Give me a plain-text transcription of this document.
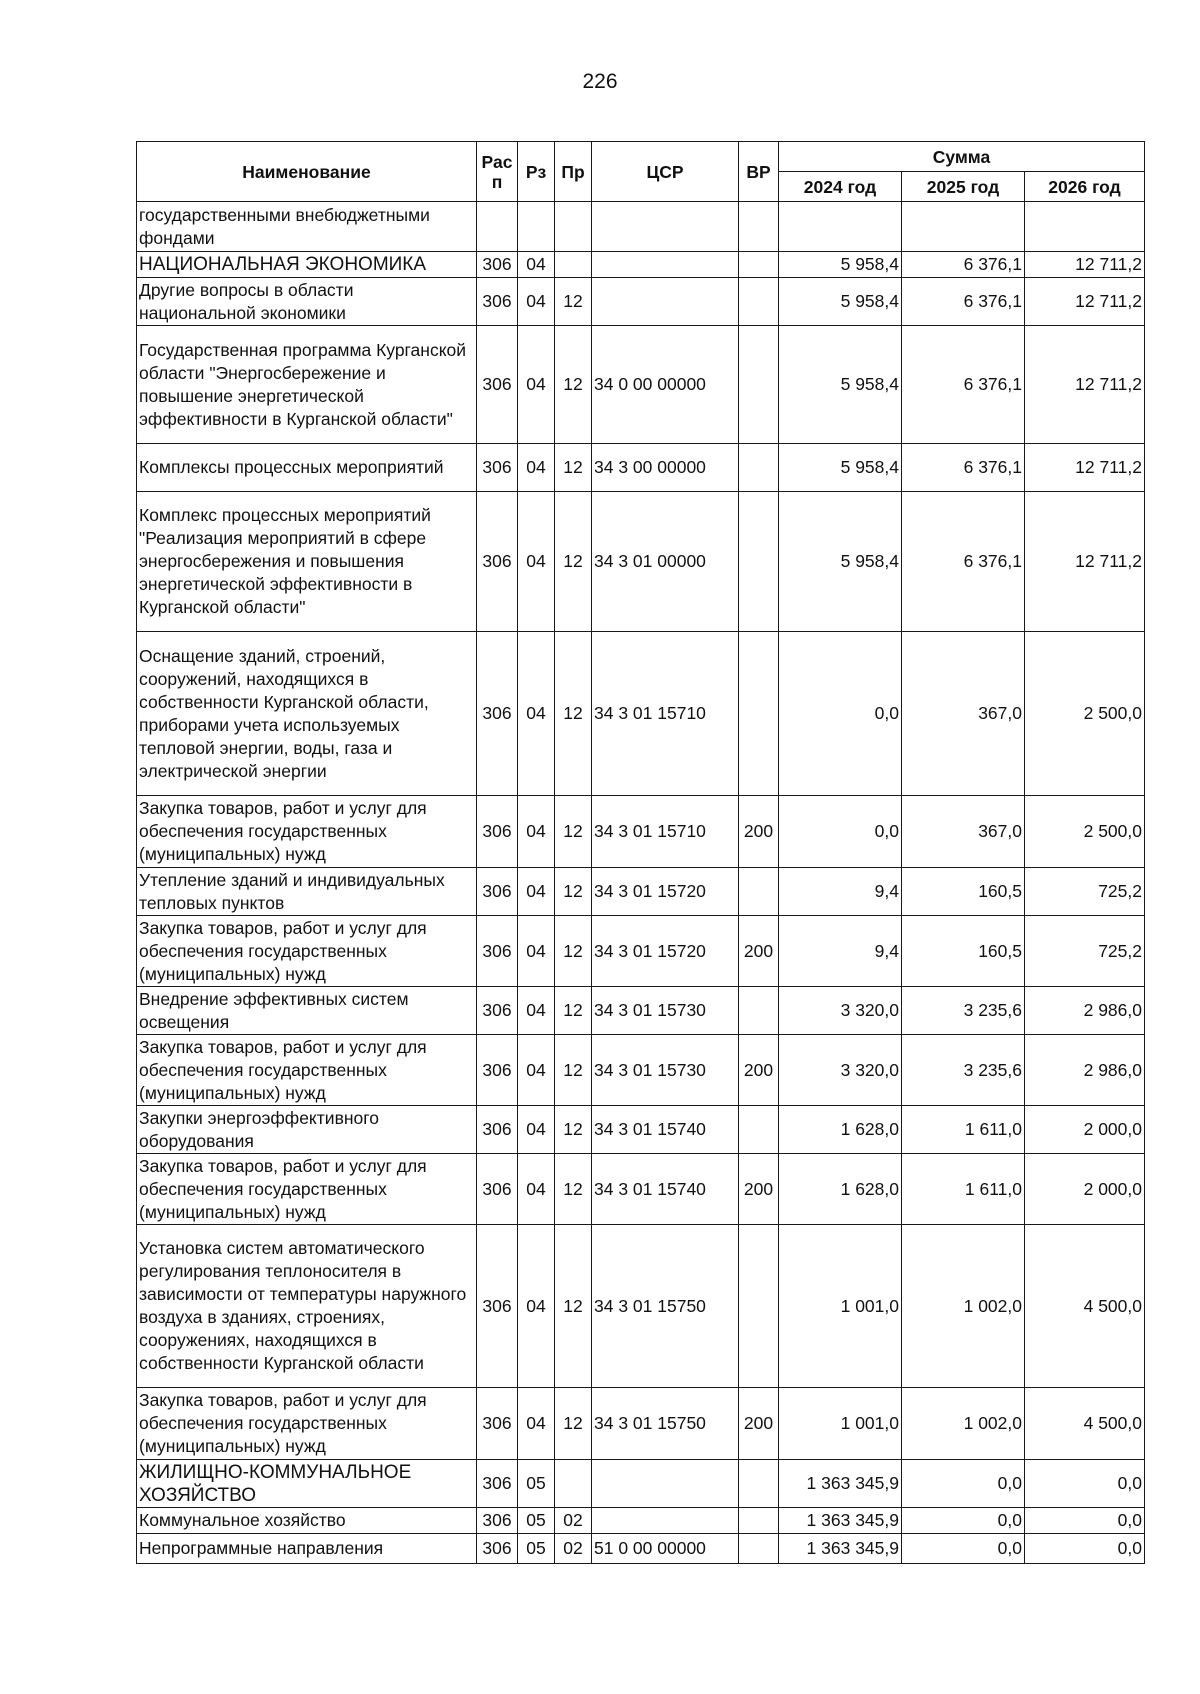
226
Наименование	Рас п	Рз	Пр	ЦСР	ВР	Сумма		
						2024 год	2025 год	2026 год
государственными внебюджетными фондами								
НАЦИОНАЛЬНАЯ ЭКОНОМИКА	306	04				5 958,4	6 376,1	12 711,2
Другие вопросы в области национальной экономики	306	04	12			5 958,4	6 376,1	12 711,2
Государственная программа Курганской области "Энергосбережение и повышение энергетической эффективности в Курганской области"	306	04	12	34 0 00 00000		5 958,4	6 376,1	12 711,2
Комплексы процессных мероприятий	306	04	12	34 3 00 00000		5 958,4	6 376,1	12 711,2
Комплекс процессных мероприятий "Реализация мероприятий в сфере энергосбережения и повышения энергетической эффективности в Курганской области"	306	04	12	34 3 01 00000		5 958,4	6 376,1	12 711,2
Оснащение зданий, строений, сооружений, находящихся в собственности Курганской области, приборами учета используемых тепловой энергии, воды, газа и электрической энергии	306	04	12	34 3 01 15710		0,0	367,0	2 500,0
Закупка товаров, работ и услуг для обеспечения государственных (муниципальных) нужд	306	04	12	34 3 01 15710	200	0,0	367,0	2 500,0
Утепление зданий и индивидуальных тепловых пунктов	306	04	12	34 3 01 15720		9,4	160,5	725,2
Закупка товаров, работ и услуг для обеспечения государственных (муниципальных) нужд	306	04	12	34 3 01 15720	200	9,4	160,5	725,2
Внедрение эффективных систем освещения	306	04	12	34 3 01 15730		3 320,0	3 235,6	2 986,0
Закупка товаров, работ и услуг для обеспечения государственных (муниципальных) нужд	306	04	12	34 3 01 15730	200	3 320,0	3 235,6	2 986,0
Закупки энергоэффективного оборудования	306	04	12	34 3 01 15740		1 628,0	1 611,0	2 000,0
Закупка товаров, работ и услуг для обеспечения государственных (муниципальных) нужд	306	04	12	34 3 01 15740	200	1 628,0	1 611,0	2 000,0
Установка систем автоматического регулирования теплоносителя в зависимости от температуры наружного воздуха в зданиях, строениях, сооружениях, находящихся в собственности Курганской области	306	04	12	34 3 01 15750		1 001,0	1 002,0	4 500,0
Закупка товаров, работ и услуг для обеспечения государственных (муниципальных) нужд	306	04	12	34 3 01 15750	200	1 001,0	1 002,0	4 500,0
ЖИЛИЩНО-КОММУНАЛЬНОЕ ХОЗЯЙСТВО	306	05				1 363 345,9	0,0	0,0
Коммунальное хозяйство	306	05	02			1 363 345,9	0,0	0,0
Непрограммные направления	306	05	02	51 0 00 00000		1 363 345,9	0,0	0,0
